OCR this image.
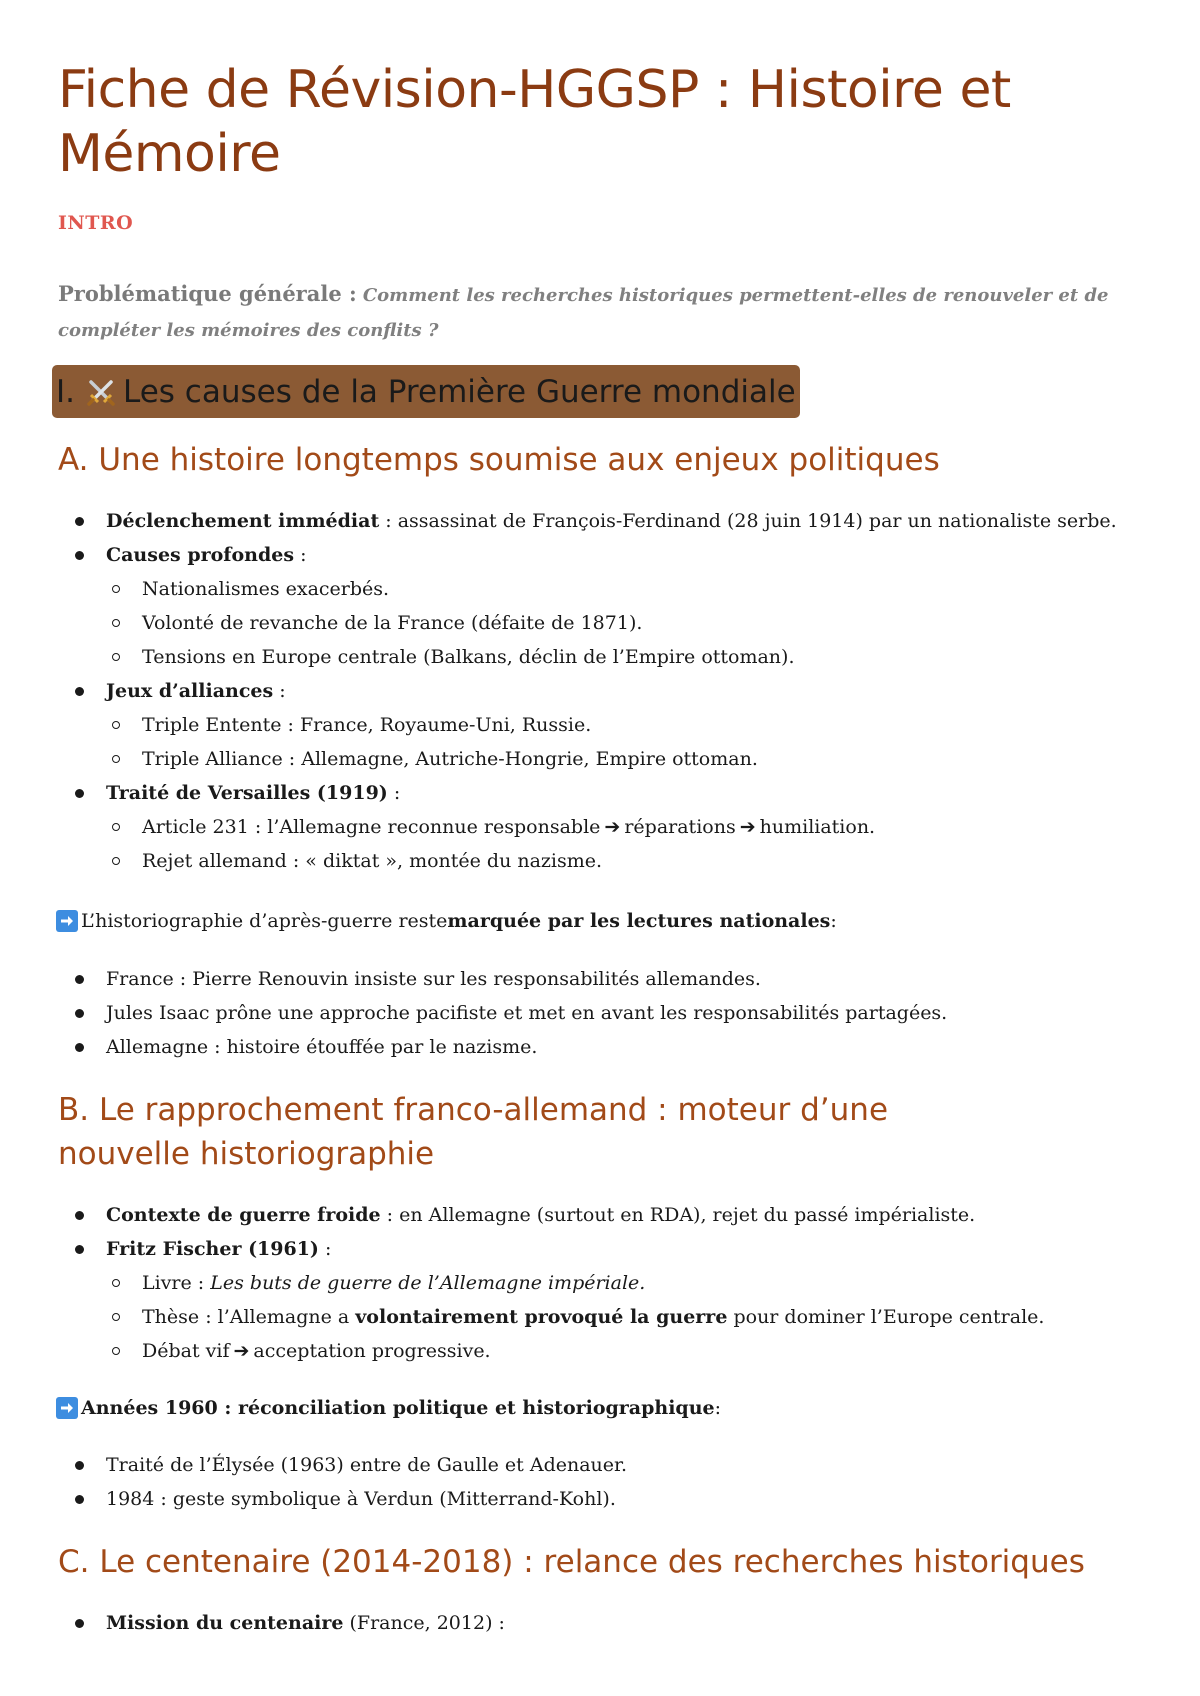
Fiche de Révision-HGGSP : Histoire et Mémoire

INTRO

Problématique générale : Comment les recherches historiques permettent-elles de renouveler et de compléter les mémoires des conflits ?

I. Les causes de la Première Guerre mondiale
A. Une histoire longtemps soumise aux enjeux politiques
Déclenchement immédiat : assassinat de François-Ferdinand (28 juin 1914) par un nationaliste serbe.
Causes profondes :
Nationalismes exacerbés.
Volonté de revanche de la France (défaite de 1871).
Tensions en Europe centrale (Balkans, déclin de l’Empire ottoman).
Jeux d’alliances :
Triple Entente : France, Royaume-Uni, Russie.
Triple Alliance : Allemagne, Autriche-Hongrie, Empire ottoman.
Traité de Versailles (1919) :
Article 231 : l’Allemagne reconnue responsable ➔ réparations ➔ humiliation.
Rejet allemand : « diktat », montée du nazisme.

L’historiographie d’après-guerre reste marquée par les lectures nationales :

France : Pierre Renouvin insiste sur les responsabilités allemandes.
Jules Isaac prône une approche pacifiste et met en avant les responsabilités partagées.
Allemagne : histoire étouffée par le nazisme.
B. Le rapprochement franco-allemand : moteur d’une nouvelle historiographie
Contexte de guerre froide : en Allemagne (surtout en RDA), rejet du passé impérialiste.
Fritz Fischer (1961) :
Livre : Les buts de guerre de l’Allemagne impériale.
Thèse : l’Allemagne a volontairement provoqué la guerre pour dominer l’Europe centrale.
Débat vif ➔ acceptation progressive.

Années 1960 : réconciliation politique et historiographique :

Traité de l’Élysée (1963) entre de Gaulle et Adenauer.
1984 : geste symbolique à Verdun (Mitterrand-Kohl).
C. Le centenaire (2014-2018) : relance des recherches historiques
Mission du centenaire (France, 2012) :
